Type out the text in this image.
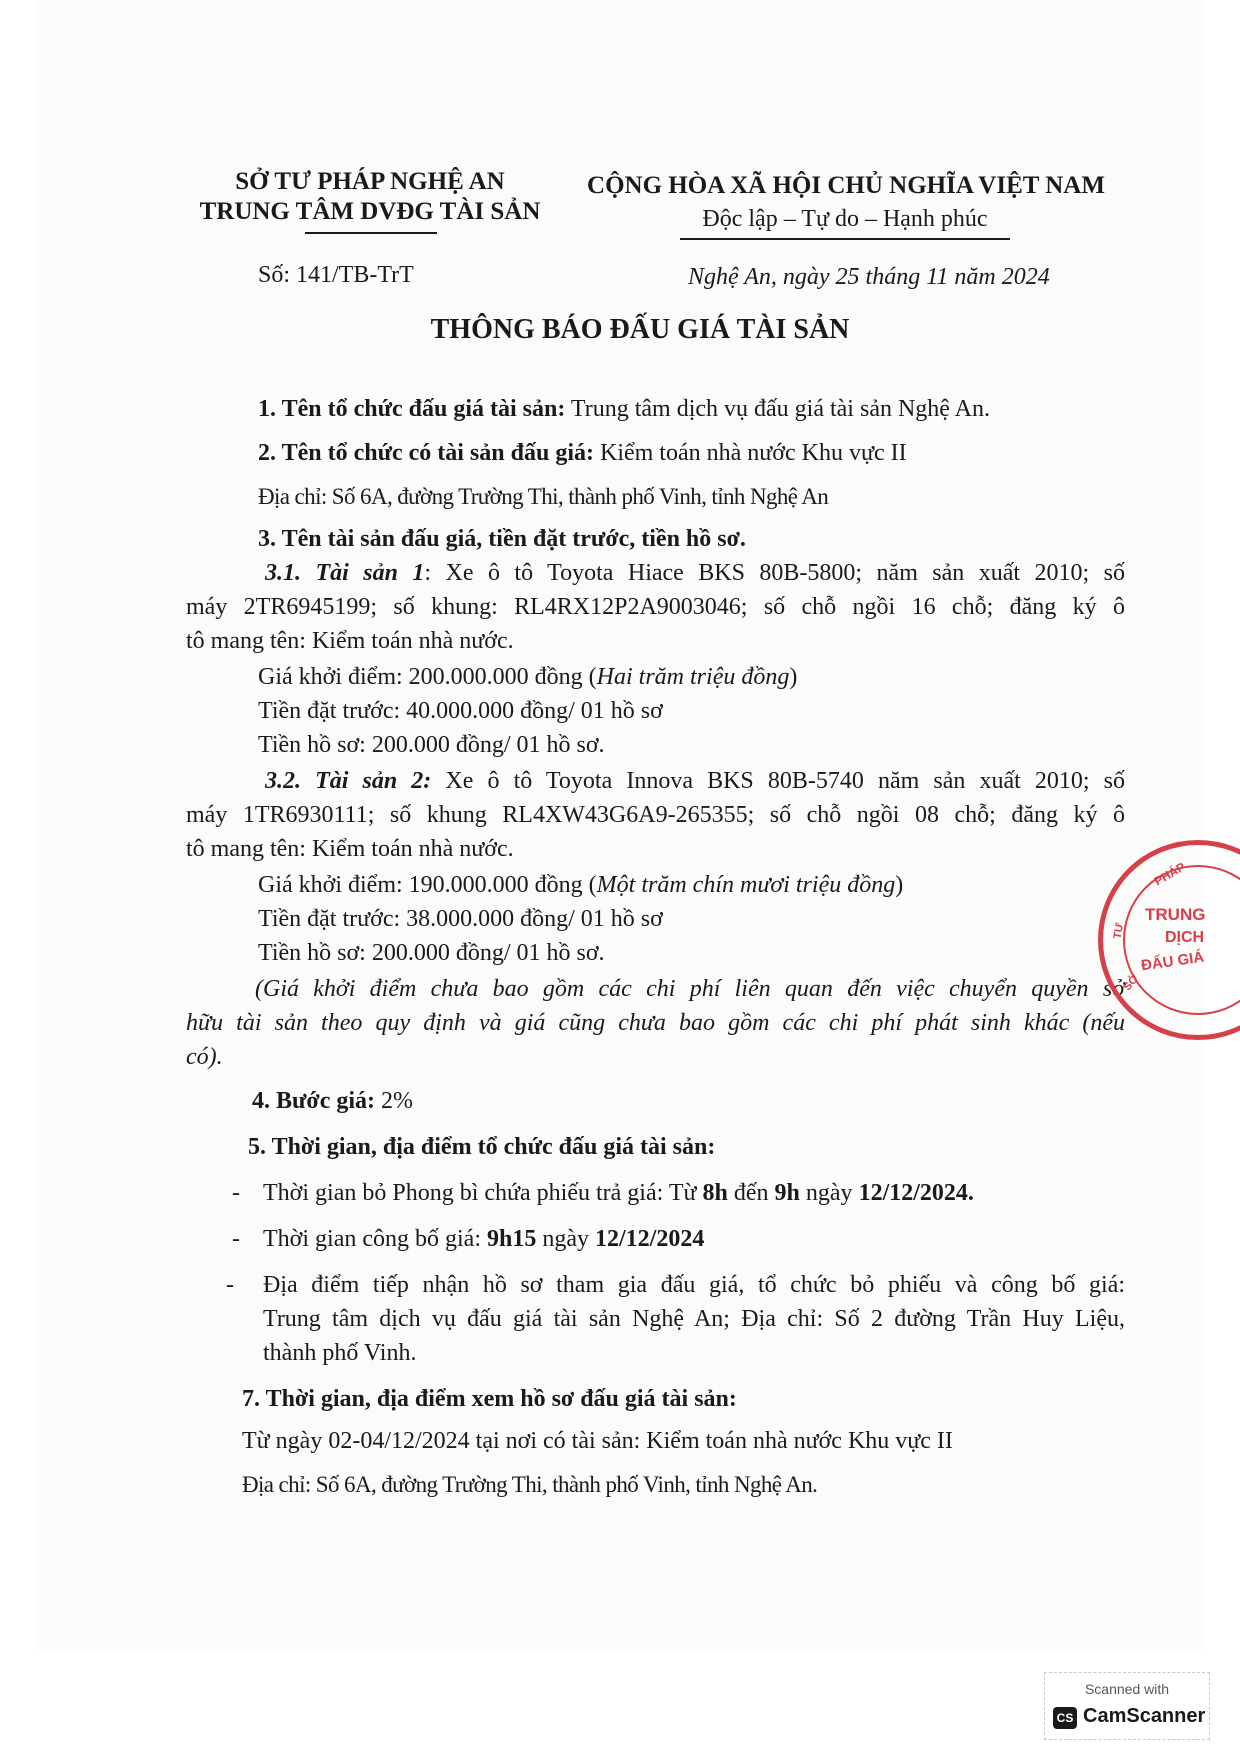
SỞ TƯ PHÁP NGHỆ AN
TRUNG TÂM DVĐG TÀI SẢN
CỘNG HÒA XÃ HỘI CHỦ NGHĨA VIỆT NAM
Độc lập – Tự do – Hạnh phúc
Số: 141/TB-TrT	Nghệ An, ngày 25 tháng 11 năm 2024
THÔNG BÁO ĐẤU GIÁ TÀI SẢN
1. Tên tổ chức đấu giá tài sản: Trung tâm dịch vụ đấu giá tài sản Nghệ An.
2. Tên tổ chức có tài sản đấu giá: Kiểm toán nhà nước Khu vực II
Địa chỉ: Số 6A, đường Trường Thi, thành phố Vinh, tỉnh Nghệ An
3. Tên tài sản đấu giá, tiền đặt trước, tiền hồ sơ.
3.1. Tài sản 1: Xe ô tô Toyota Hiace BKS 80B-5800; năm sản xuất 2010; số
máy 2TR6945199; số khung: RL4RX12P2A9003046; số chỗ ngồi 16 chỗ; đăng ký ô
tô mang tên: Kiểm toán nhà nước.
Giá khởi điểm: 200.000.000 đồng (Hai trăm triệu đồng)
Tiền đặt trước: 40.000.000 đồng/ 01 hồ sơ
Tiền hồ sơ: 200.000 đồng/ 01 hồ sơ.
3.2. Tài sản 2: Xe ô tô Toyota Innova BKS 80B-5740 năm sản xuất 2010; số
máy 1TR6930111; số khung RL4XW43G6A9-265355; số chỗ ngồi 08 chỗ; đăng ký ô
tô mang tên: Kiểm toán nhà nước.
Giá khởi điểm: 190.000.000 đồng (Một trăm chín mươi triệu đồng)
Tiền đặt trước: 38.000.000 đồng/ 01 hồ sơ
Tiền hồ sơ: 200.000 đồng/ 01 hồ sơ.
(Giá khởi điểm chưa bao gồm các chi phí liên quan đến việc chuyển quyền sở
hữu tài sản theo quy định và giá cũng chưa bao gồm các chi phí phát sinh khác (nếu
có).
4. Bước giá: 2%
5. Thời gian, địa điểm tổ chức đấu giá tài sản:
- Thời gian bỏ Phong bì chứa phiếu trả giá: Từ 8h đến 9h ngày 12/12/2024.
- Thời gian công bố giá: 9h15 ngày 12/12/2024
- Địa điểm tiếp nhận hồ sơ tham gia đấu giá, tổ chức bỏ phiếu và công bố giá:
Trung tâm dịch vụ đấu giá tài sản Nghệ An; Địa chỉ: Số 2 đường Trần Huy Liệu,
thành phố Vinh.
7. Thời gian, địa điểm xem hồ sơ đấu giá tài sản:
Từ ngày 02-04/12/2024 tại nơi có tài sản: Kiểm toán nhà nước Khu vực II
Địa chỉ: Số 6A, đường Trường Thi, thành phố Vinh, tỉnh Nghệ An.
PHÁP
TRUNG
DỊCH
ĐẤU GIÁ
TƯ
SỞ
Scanned with
CS CamScanner
